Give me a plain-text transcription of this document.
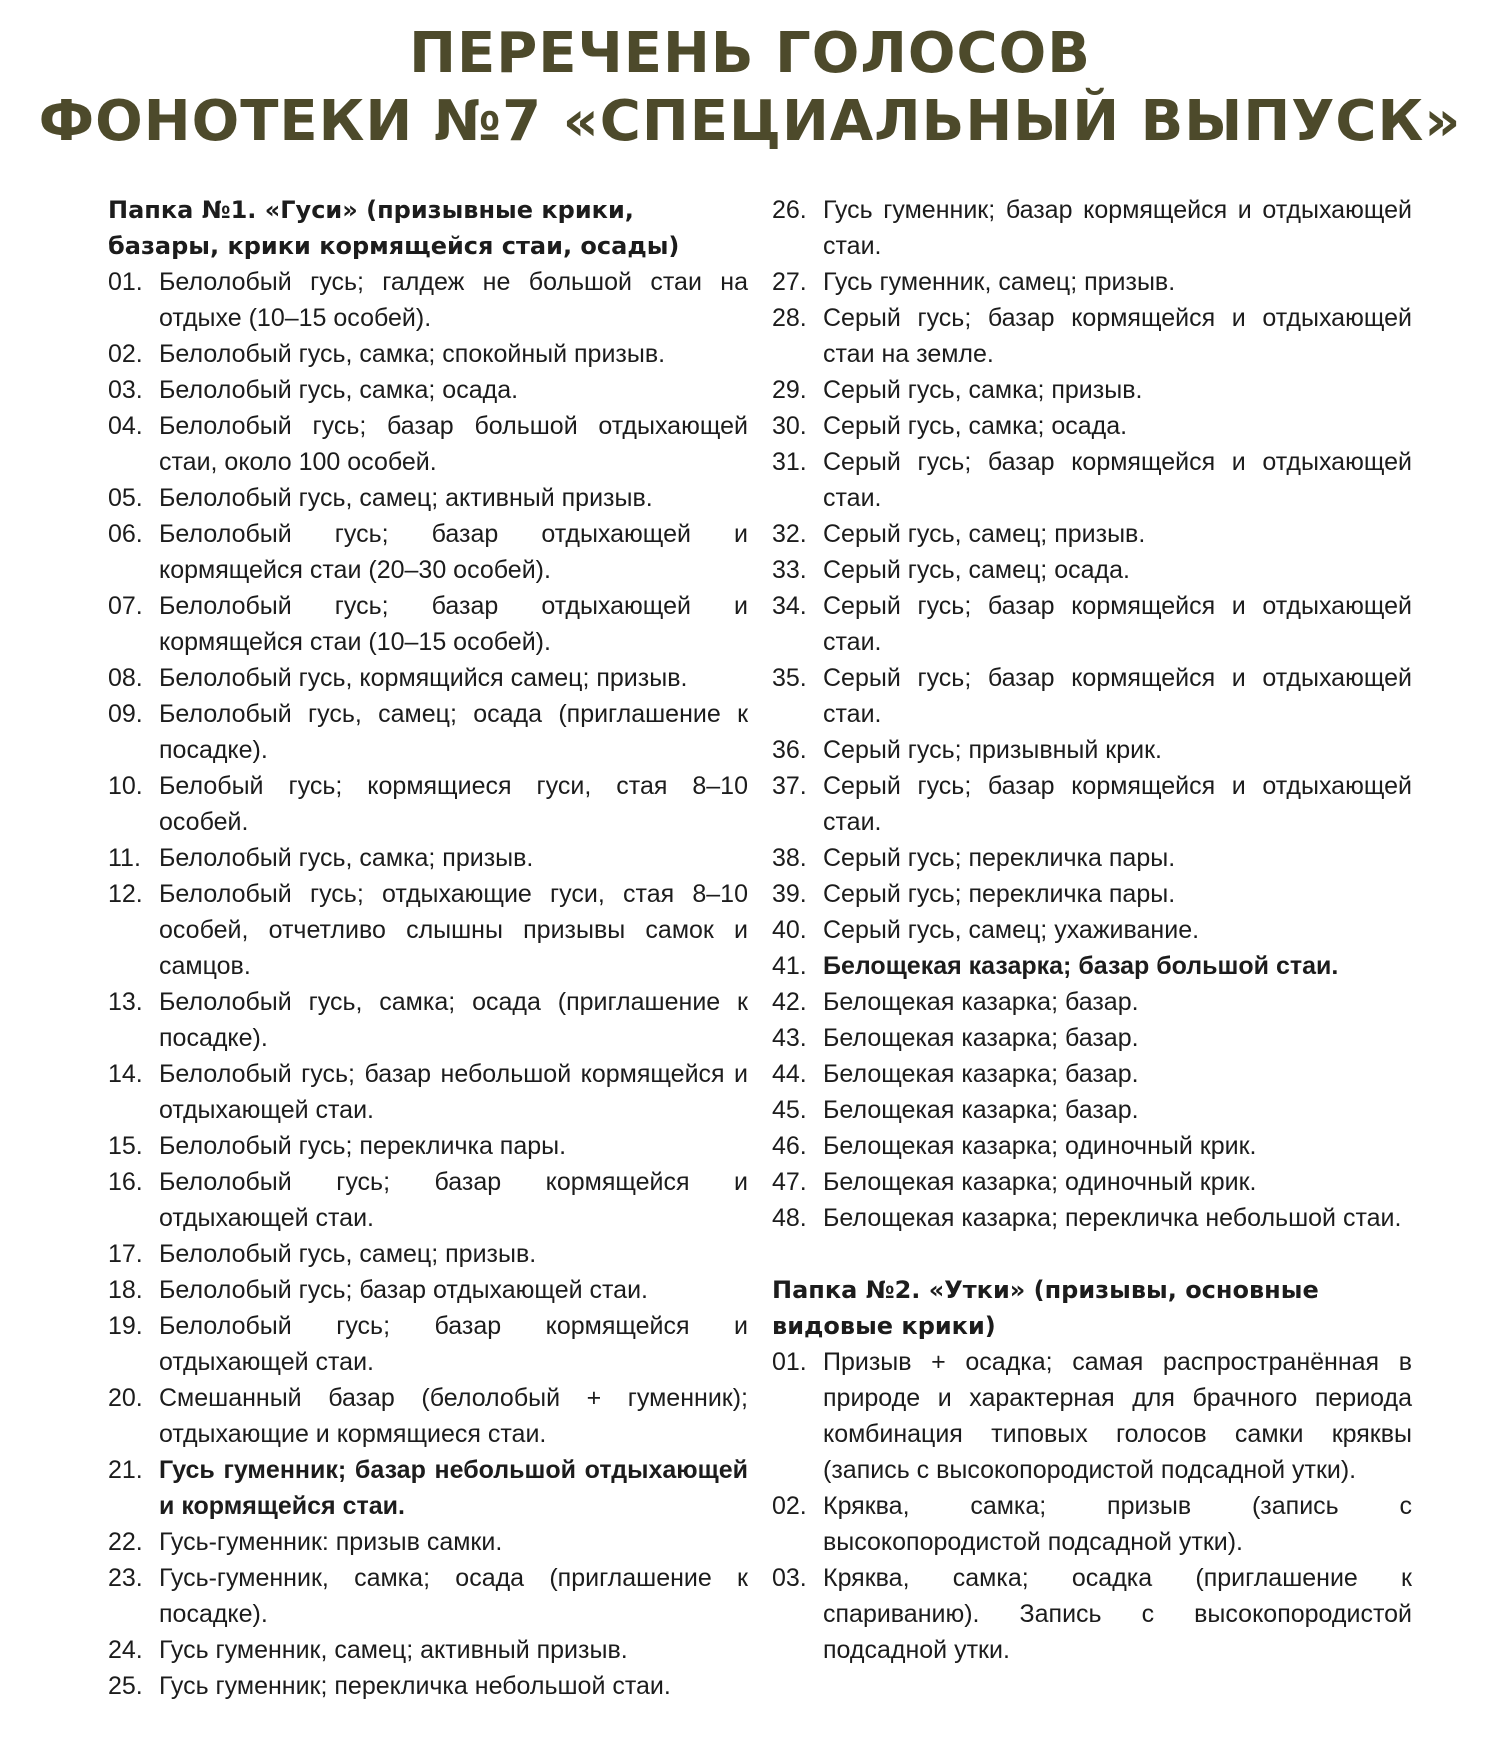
ПЕРЕЧЕНЬ ГОЛОСОВ
ФОНОТЕКИ №7 «СПЕЦИАЛЬНЫЙ ВЫПУСК»
Папка №1. «Гуси» (призывные крики,
базары, крики кормящейся стаи, осады)
01. Белолобый гусь; галдеж не большой стаи на отдыхе (10–15 особей).
02. Белолобый гусь, самка; спокойный призыв.
03. Белолобый гусь, самка; осада.
04. Белолобый гусь; базар большой отдыхающей стаи, около 100 особей.
05. Белолобый гусь, самец; активный призыв.
06. Белолобый гусь; базар отдыхающей и кормящейся стаи (20–30 особей).
07. Белолобый гусь; базар отдыхающей и кормящейся стаи (10–15 особей).
08. Белолобый гусь, кормящийся самец; призыв.
09. Белолобый гусь, самец; осада (приглашение к посадке).
10. Белобый гусь; кормящиеся гуси, стая 8–10 особей.
11. Белолобый гусь, самка; призыв.
12. Белолобый гусь; отдыхающие гуси, стая 8–10 особей, отчетливо слышны призывы самок и самцов.
13. Белолобый гусь, самка; осада (приглашение к посадке).
14. Белолобый гусь; базар небольшой кормящейся и отдыхающей стаи.
15. Белолобый гусь; перекличка пары.
16. Белолобый гусь; базар кормящейся и отдыхающей стаи.
17. Белолобый гусь, самец; призыв.
18. Белолобый гусь; базар отдыхающей стаи.
19. Белолобый гусь; базар кормящейся и отдыхающей стаи.
20. Смешанный базар (белолобый + гуменник); отдыхающие и кормящиеся стаи.
21. Гусь гуменник; базар небольшой отдыхающей и кормящейся стаи.
22. Гусь-гуменник: призыв самки.
23. Гусь-гуменник, самка; осада (приглашение к посадке).
24. Гусь гуменник, самец; активный призыв.
25. Гусь гуменник; перекличка небольшой стаи.
26. Гусь гуменник; базар кормящейся и отдыхающей стаи.
27. Гусь гуменник, самец; призыв.
28. Серый гусь; базар кормящейся и отдыхающей стаи на земле.
29. Серый гусь, самка; призыв.
30. Серый гусь, самка; осада.
31. Серый гусь; базар кормящейся и отдыхающей стаи.
32. Серый гусь, самец; призыв.
33. Серый гусь, самец; осада.
34. Серый гусь; базар кормящейся и отдыхающей стаи.
35. Серый гусь; базар кормящейся и отдыхающей стаи.
36. Серый гусь; призывный крик.
37. Серый гусь; базар кормящейся и отдыхающей стаи.
38. Серый гусь; перекличка пары.
39. Серый гусь; перекличка пары.
40. Серый гусь, самец; ухаживание.
41. Белощекая казарка; базар большой стаи.
42. Белощекая казарка; базар.
43. Белощекая казарка; базар.
44. Белощекая казарка; базар.
45. Белощекая казарка; базар.
46. Белощекая казарка; одиночный крик.
47. Белощекая казарка; одиночный крик.
48. Белощекая казарка; перекличка небольшой стаи.
Папка №2. «Утки» (призывы, основные
видовые крики)
01. Призыв + осадка; самая распространённая в природе и характерная для брачного периода комбинация типовых голосов самки кряквы (запись с высокопородистой подсадной утки).
02. Кряква, самка; призыв (запись с высокопородистой подсадной утки).
03. Кряква, самка; осадка (приглашение к спариванию). Запись с высокопородистой подсадной утки.
